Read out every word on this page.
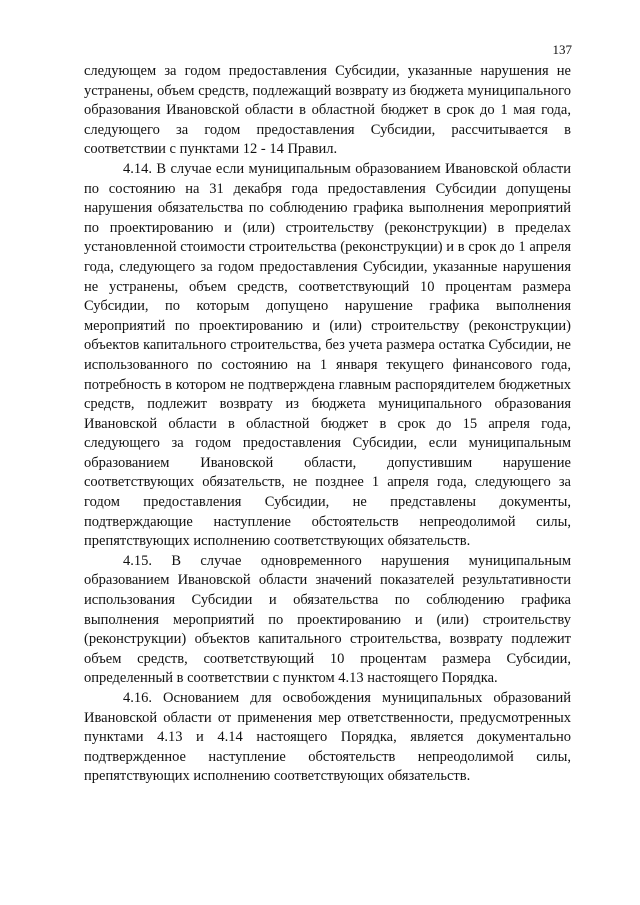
137

следующем за годом предоставления Субсидии, указанные нарушения не устранены, объем средств, подлежащий возврату из бюджета муниципального образования Ивановской области в областной бюджет в срок до 1 мая года, следующего за годом предоставления Субсидии, рассчитывается в соответствии с пунктами 12 - 14 Правил.

4.14. В случае если муниципальным образованием Ивановской области по состоянию на 31 декабря года предоставления Субсидии допущены нарушения обязательства по соблюдению графика выполнения мероприятий по проектированию и (или) строительству (реконструкции) в пределах установленной стоимости строительства (реконструкции) и в срок до 1 апреля года, следующего за годом предоставления Субсидии, указанные нарушения не устранены, объем средств, соответствующий 10 процентам размера Субсидии, по которым допущено нарушение графика выполнения мероприятий по проектированию и (или) строительству (реконструкции) объектов капитального строительства, без учета размера остатка Субсидии, не использованного по состоянию на 1 января текущего финансового года, потребность в котором не подтверждена главным распорядителем бюджетных средств, подлежит возврату из бюджета муниципального образования Ивановской области в областной бюджет в срок до 15 апреля года, следующего за годом предоставления Субсидии, если муниципальным образованием Ивановской области, допустившим нарушение соответствующих обязательств, не позднее 1 апреля года, следующего за годом предоставления Субсидии, не представлены документы, подтверждающие наступление обстоятельств непреодолимой силы, препятствующих исполнению соответствующих обязательств.

4.15. В случае одновременного нарушения муниципальным образованием Ивановской области значений показателей результативности использования Субсидии и обязательства по соблюдению графика выполнения мероприятий по проектированию и (или) строительству (реконструкции) объектов капитального строительства, возврату подлежит объем средств, соответствующий 10 процентам размера Субсидии, определенный в соответствии с пунктом 4.13 настоящего Порядка.

4.16. Основанием для освобождения муниципальных образований Ивановской области от применения мер ответственности, предусмотренных пунктами 4.13 и 4.14 настоящего Порядка, является документально подтвержденное наступление обстоятельств непреодолимой силы, препятствующих исполнению соответствующих обязательств.
